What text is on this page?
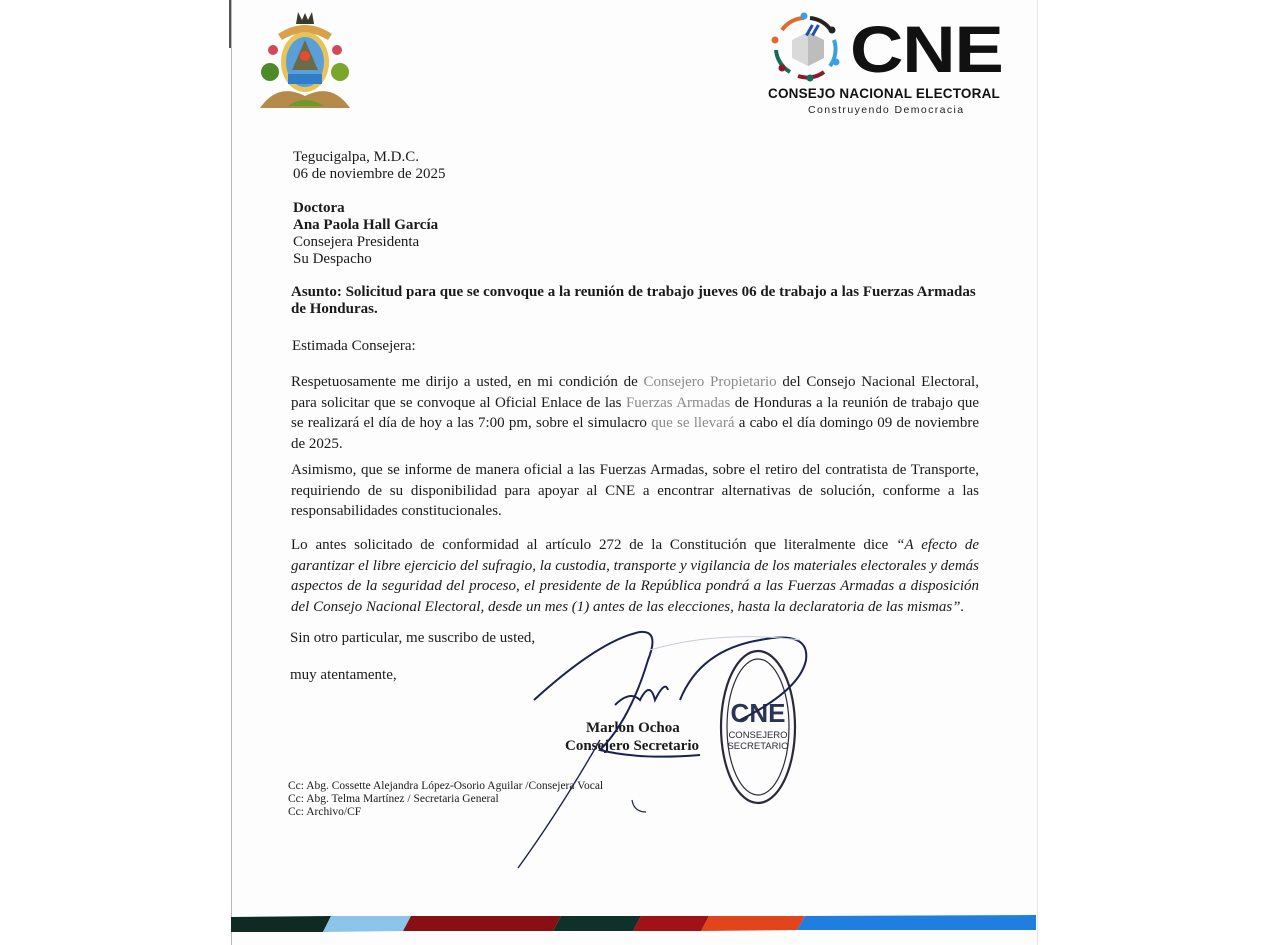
CNE
CONSEJO NACIONAL ELECTORAL
Construyendo Democracia
Tegucigalpa, M.D.C.
06 de noviembre de 2025
Doctora
Ana Paola Hall García
Consejera Presidenta
Su Despacho
Asunto: Solicitud para que se convoque a la reunión de trabajo jueves 06 de trabajo a las Fuerzas Armadas de Honduras.
Estimada Consejera:
Respetuosamente me dirijo a usted, en mi condición de Consejero Propietario del Consejo Nacional Electoral, para solicitar que se convoque al Oficial Enlace de las Fuerzas Armadas de Honduras a la reunión de trabajo que se realizará el día de hoy a las 7:00 pm, sobre el simulacro que se llevará a cabo el día domingo 09 de noviembre de 2025.
Asimismo, que se informe de manera oficial a las Fuerzas Armadas, sobre el retiro del contratista de Transporte, requiriendo de su disponibilidad para apoyar al CNE a encontrar alternativas de solución, conforme a las responsabilidades constitucionales.
Lo antes solicitado de conformidad al artículo 272 de la Constitución que literalmente dice “A efecto de garantizar el libre ejercicio del sufragio, la custodia, transporte y vigilancia de los materiales electorales y demás aspectos de la seguridad del proceso, el presidente de la República pondrá a las Fuerzas Armadas a disposición del Consejo Nacional Electoral, desde un mes (1) antes de las elecciones, hasta la declaratoria de las mismas”.
Sin otro particular, me suscribo de usted,
muy atentamente,
Marlon Ochoa
Consejero Secretario
CNE
CONSEJERO
SECRETARIO
Cc: Abg. Cossette Alejandra López-Osorio Aguilar /Consejera Vocal
Cc: Abg. Telma Martínez / Secretaria General
Cc: Archivo/CF
